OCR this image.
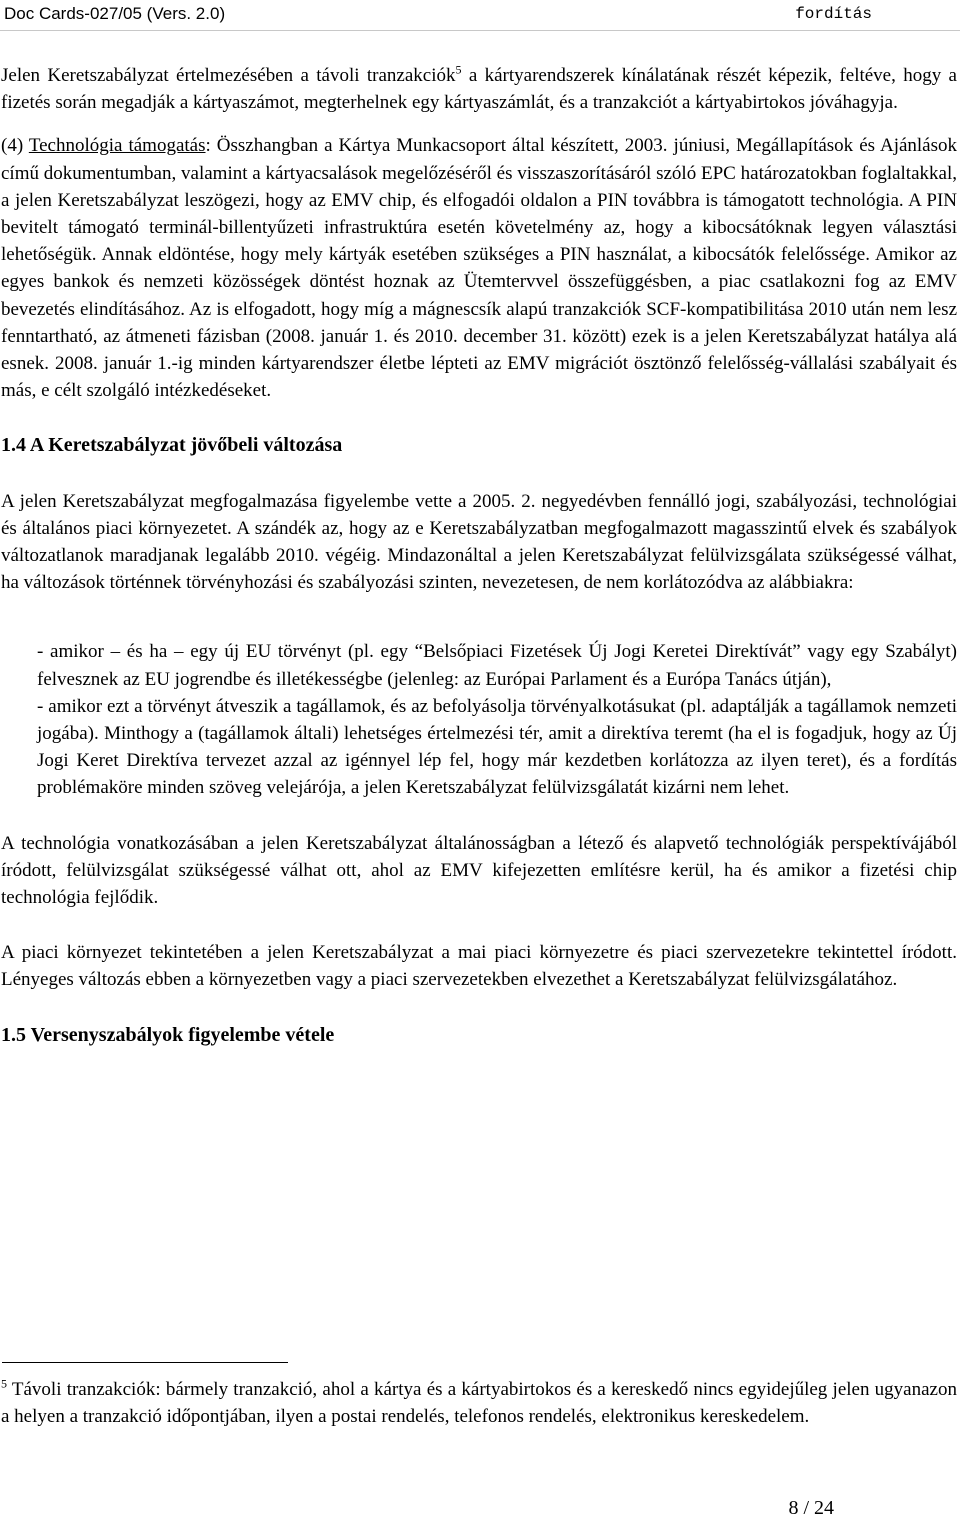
Doc Cards-027/05 (Vers. 2.0)	fordítás

Jelen Keretszabályzat értelmezésében a távoli tranzakciók$^5$ a kártyarendszerek kínálatának részét képezik, feltéve, hogy a fizetés során megadják a kártyaszámot, megterhelnek egy kártyaszámlát, és a tranzakciót a kártyabirtokos jóváhagyja.

(4) Technológia támogatás: Összhangban a Kártya Munkacsoport által készített, 2003. júniusi, Megállapítások és Ajánlások című dokumentumban, valamint a kártyacsalások megelőzéséről és visszaszorításáról szóló EPC határozatokban foglaltakkal, a jelen Keretszabályzat leszögezi, hogy az EMV chip, és elfogadói oldalon a PIN továbbra is támogatott technológia. A PIN bevitelt támogató terminál-billentyűzeti infrastruktúra esetén követelmény az, hogy a kibocsátóknak legyen választási lehetőségük. Annak eldöntése, hogy mely kártyák esetében szükséges a PIN használat, a kibocsátók felelőssége. Amikor az egyes bankok és nemzeti közösségek döntést hoznak az Ütemtervvel összefüggésben, a piac csatlakozni fog az EMV bevezetés elindításához. Az is elfogadott, hogy míg a mágnescsík alapú tranzakciók SCF-kompatibilitása 2010 után nem lesz fenntartható, az átmeneti fázisban (2008. január 1. és 2010. december 31. között) ezek is a jelen Keretszabályzat hatálya alá esnek. 2008. január 1.-ig minden kártyarendszer életbe lépteti az EMV migrációt ösztönző felelősség-vállalási szabályait és más, e célt szolgáló intézkedéseket.

1.4 A Keretszabályzat jövőbeli változása

A jelen Keretszabályzat megfogalmazása figyelembe vette a 2005. 2. negyedévben fennálló jogi, szabályozási, technológiai és általános piaci környezetet. A szándék az, hogy az e Keretszabályzatban megfogalmazott magasszintű elvek és szabályok változatlanok maradjanak legalább 2010. végéig. Mindazonáltal a jelen Keretszabályzat felülvizsgálata szükségessé válhat, ha változások történnek törvényhozási és szabályozási szinten, nevezetesen, de nem korlátozódva az alábbiakra:

- amikor – és ha – egy új EU törvényt (pl. egy “Belsőpiaci Fizetések Új Jogi Keretei Direktívát” vagy egy Szabályt) felvesznek az EU jogrendbe és illetékességbe (jelenleg: az Európai Parlament és a Európa Tanács útján),

- amikor ezt a törvényt átveszik a tagállamok, és az befolyásolja törvényalkotásukat (pl. adaptálják a tagállamok nemzeti jogába). Minthogy a (tagállamok általi) lehetséges értelmezési tér, amit a direktíva teremt (ha el is fogadjuk, hogy az Új Jogi Keret Direktíva tervezet azzal az igénnyel lép fel, hogy már kezdetben korlátozza az ilyen teret), és a fordítás problémaköre minden szöveg velejárója, a jelen Keretszabályzat felülvizsgálatát kizárni nem lehet.

A technológia vonatkozásában a jelen Keretszabályzat általánosságban a létező és alapvető technológiák perspektívájából íródott, felülvizsgálat szükségessé válhat ott, ahol az EMV kifejezetten említésre kerül, ha és amikor a fizetési chip technológia fejlődik.

A piaci környezet tekintetében a jelen Keretszabályzat a mai piaci környezetre és piaci szervezetekre tekintettel íródott. Lényeges változás ebben a környezetben vagy a piaci szervezetekben elvezethet a Keretszabályzat felülvizsgálatához.

1.5 Versenyszabályok figyelembe vétele

$^5$ Távoli tranzakciók: bármely tranzakció, ahol a kártya és a kártyabirtokos és a kereskedő nincs egyidejűleg jelen ugyanazon a helyen a tranzakció időpontjában, ilyen a postai rendelés, telefonos rendelés, elektronikus kereskedelem.

8 / 24
